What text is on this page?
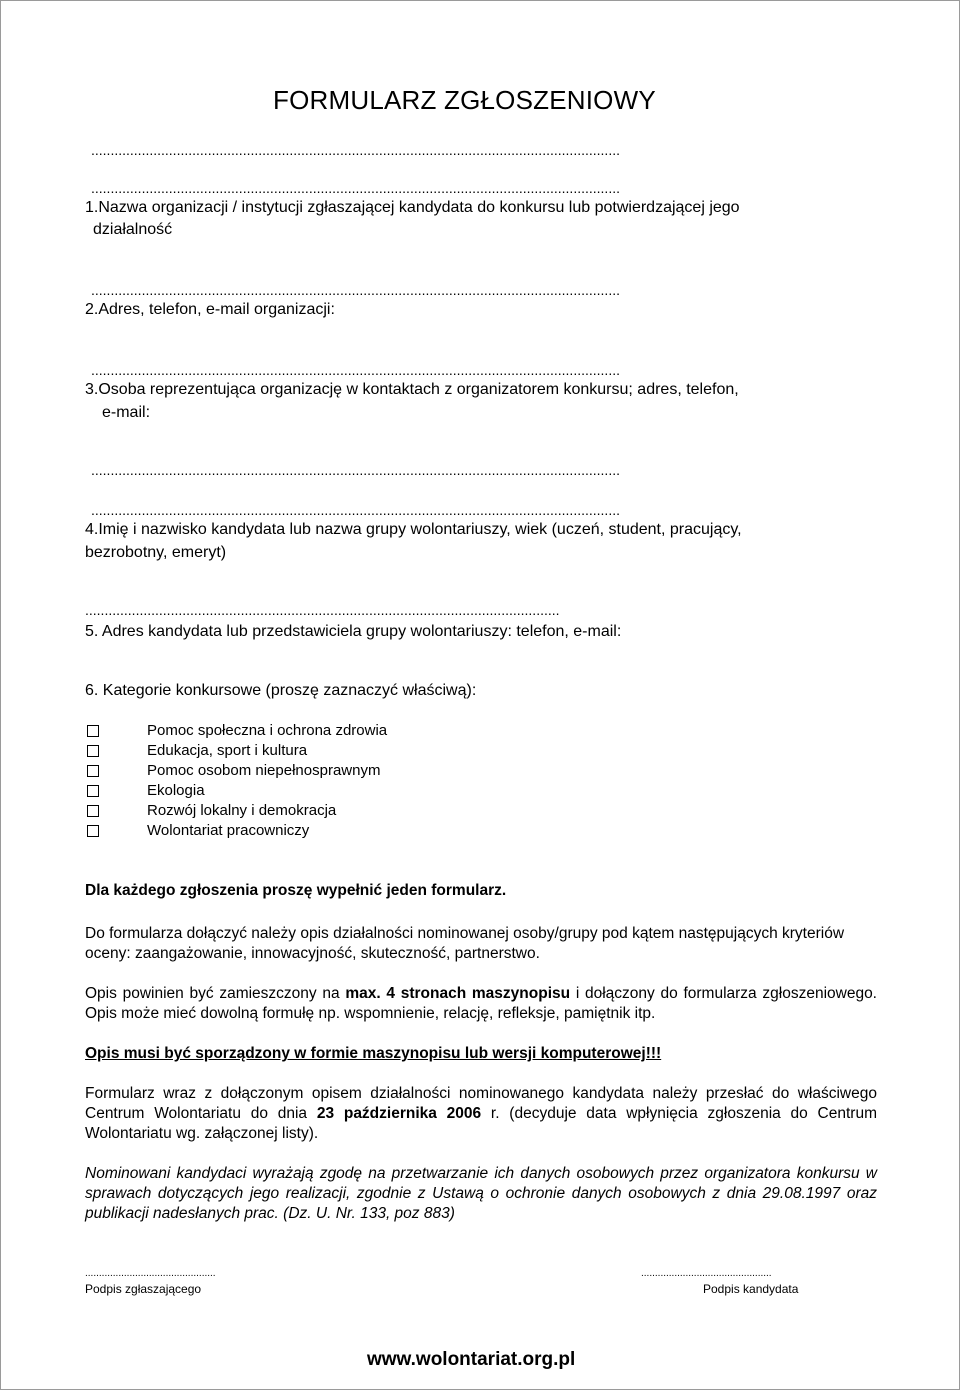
FORMULARZ ZGŁOSZENIOWY
........................................................................................................................................
........................................................................................................................................
1.Nazwa organizacji / instytucji zgłaszającej kandydata do konkursu lub potwierdzającej jego
działalność
........................................................................................................................................
2.Adres, telefon, e-mail organizacji:
........................................................................................................................................
3.Osoba reprezentująca organizację w kontaktach z organizatorem konkursu; adres, telefon,
e-mail:
........................................................................................................................................
........................................................................................................................................
4.Imię i nazwisko kandydata lub nazwa grupy wolontariuszy, wiek (uczeń, student, pracujący,
bezrobotny, emeryt)
..........................................................................................................................
5. Adres kandydata lub przedstawiciela grupy wolontariuszy: telefon, e-mail:
6. Kategorie konkursowe (proszę zaznaczyć właściwą):
Pomoc społeczna i ochrona zdrowia
Edukacja, sport i kultura
Pomoc osobom niepełnosprawnym
Ekologia
Rozwój lokalny i demokracja
Wolontariat pracowniczy
Dla każdego zgłoszenia proszę wypełnić jeden formularz.
Do formularza dołączyć należy opis działalności nominowanej osoby/grupy pod kątem następujących kryteriów oceny: zaangażowanie, innowacyjność, skuteczność, partnerstwo.
Opis powinien być zamieszczony na max. 4 stronach maszynopisu i dołączony do formularza zgłoszeniowego. Opis może mieć dowolną formułę np. wspomnienie, relację, refleksje, pamiętnik itp.
Opis musi być sporządzony w formie maszynopisu lub wersji komputerowej!!!
Formularz wraz z dołączonym opisem działalności nominowanego kandydata należy przesłać do właściwego Centrum Wolontariatu do dnia 23 października 2006 r. (decyduje data wpłynięcia zgłoszenia do Centrum Wolontariatu wg. załączonej listy).
Nominowani kandydaci wyrażają zgodę na przetwarzanie ich danych osobowych przez organizatora konkursu w sprawach dotyczących jego realizacji, zgodnie z Ustawą o ochronie danych osobowych z dnia 29.08.1997 oraz publikacji nadesłanych prac. (Dz. U. Nr. 133, poz 883)
...............................................
Podpis zgłaszającego
...............................................
Podpis kandydata
www.wolontariat.org.pl
